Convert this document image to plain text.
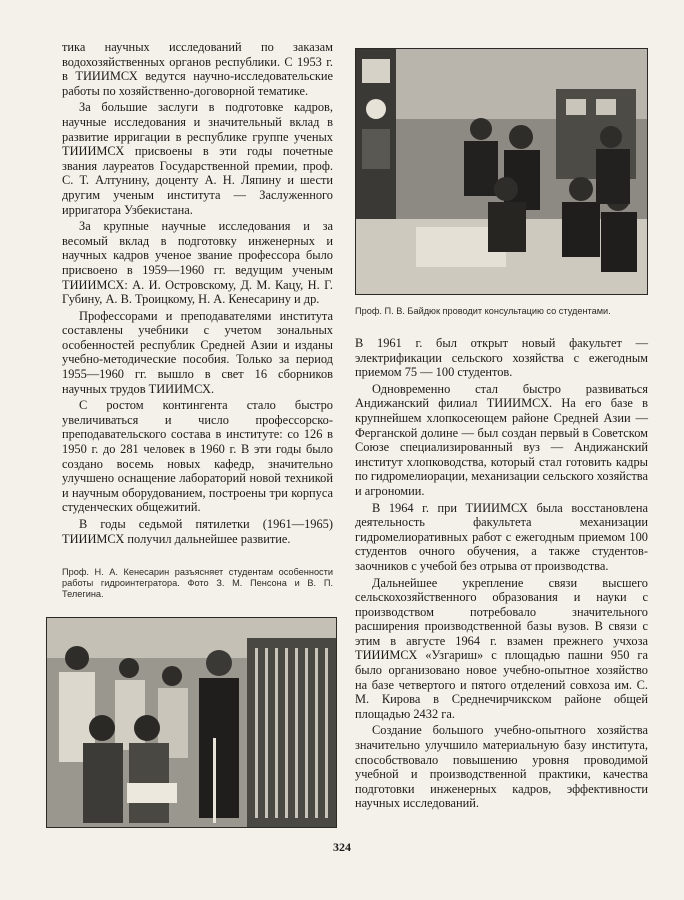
тика научных исследований по заказам водохозяйственных органов республики. С 1953 г. в ТИИИМСХ ведутся научно-исследовательские работы по хозяйственно-договорной тематике.

За большие заслуги в подготовке кадров, научные исследования и значительный вклад в развитие ирригации в республике группе ученых ТИИИМСХ присвоены в эти годы почетные звания лауреатов Государственной премии, проф. С. Т. Алтунину, доценту А. Н. Ляпину и шести другим ученым института — Заслуженного ирригатора Узбекистана.

За крупные научные исследования и за весомый вклад в подготовку инженерных и научных кадров ученое звание профессора было присвоено в 1959—1960 гг. ведущим ученым ТИИИМСХ: А. И. Островскому, Д. М. Кацу, Н. Г. Губину, А. В. Троицкому, Н. А. Кенесарину и др.

Профессорами и преподавателями института составлены учебники с учетом зональных особенностей республик Средней Азии и изданы учебно-методические пособия. Только за период 1955—1960 гг. вышло в свет 16 сборников научных трудов ТИИИМСХ.

С ростом контингента стало быстро увеличиваться и число профессорско-преподавательского состава в институте: со 126 в 1950 г. до 281 человек в 1960 г. В эти годы было создано восемь новых кафедр, значительно улучшено оснащение лабораторий новой техникой и научным оборудованием, построены три корпуса студенческих общежитий.

В годы седьмой пятилетки (1961—1965) ТИИИМСХ получил дальнейшее развитие.

Проф. Н. А. Кенесарин разъясняет студентам особенности работы гидроинтегратора. Фото З. М. Пенсона и В. П. Телегина.

Проф. П. В. Байдюк проводит консультацию со студентами.

В 1961 г. был открыт новый факультет — электрификации сельского хозяйства с ежегодным приемом 75 — 100 студентов.

Одновременно стал быстро развиваться Андижанский филиал ТИИИМСХ. На его базе в крупнейшем хлопкосеющем районе Средней Азии — Ферганской долине — был создан первый в Советском Союзе специализированный вуз — Андижанский институт хлопководства, который стал готовить кадры по гидромелиорации, механизации сельского хозяйства и агрономии.

В 1964 г. при ТИИИМСХ была восстановлена деятельность факультета механизации гидромелиоративных работ с ежегодным приемом 100 студентов очного обучения, а также студентов-заочников с учебой без отрыва от производства.

Дальнейшее укрепление связи высшего сельскохозяйственного образования и науки с производством потребовало значительного расширения производственной базы вузов. В связи с этим в августе 1964 г. взамен прежнего учхоза ТИИИМСХ «Узгариш» с площадью пашни 950 га было организовано новое учебно-опытное хозяйство на базе четвертого и пятого отделений совхоза им. С. М. Кирова в Среднечирчикском районе общей площадью 2432 га.

Создание большого учебно-опытного хозяйства значительно улучшило материальную базу института, способствовало повышению уровня проводимой учебной и производственной практики, качества подготовки инженерных кадров, эффективности научных исследований.

324
